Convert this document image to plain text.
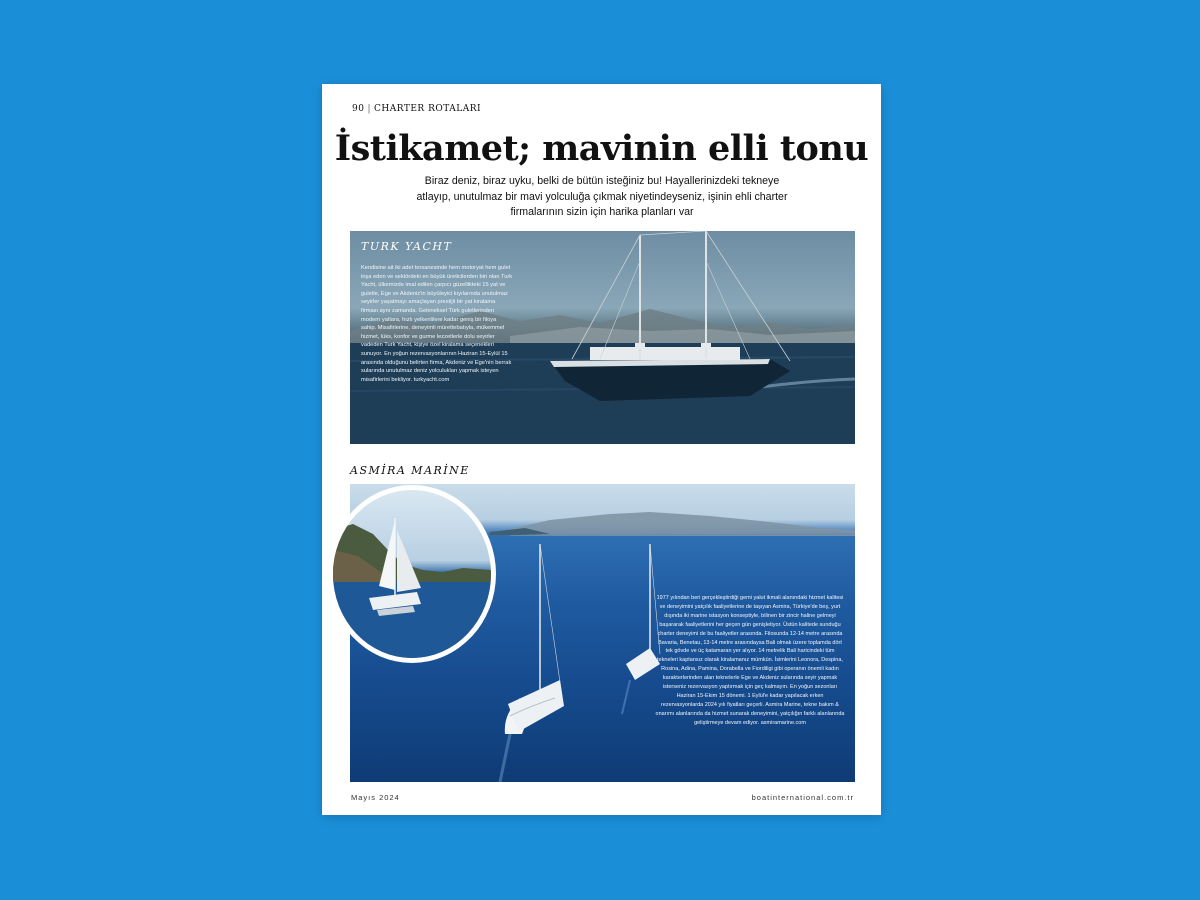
90 | CHARTER ROTALARI
İstikamet; mavinin elli tonu
Biraz deniz, biraz uyku, belki de bütün isteğiniz bu! Hayallerinizdeki tekneye atlayıp, unutulmaz bir mavi yolculuğa çıkmak niyetindeyseniz, işinin ehli charter firmalarının sizin için harika planları var
TURK YACHT
Kendisine ait iki adet tersanesinde hem motoryat hem gulet inşa eden ve sektördeki en büyük üreticilerden biri olan Turk Yacht, ülkemizde imal edilen çarpıcı güzellikteki 15 yat ve guletle, Ege ve Akdeniz'in büyüleyici kıyılarında unutulmaz seyirler yaşatmayı amaçlayan prestijli bir yat kiralama firması aynı zamanda. Geleneksel Türk guletlerinden modern yatlara, hızlı yelkenlilere kadar geniş bir filoya sahip. Misafirlerine, deneyimli mürettebatıyla, mükemmel hizmet, lüks, konfor ve gurme lezzetlerle dolu seyirler vadeden Turk Yacht, kişiye özel kiralama seçenekleri sunuyor. En yoğun rezervasyonlarının Haziran 15-Eylül 15 arasında olduğunu belirten firma, Akdeniz ve Ege'nin berrak sularında unutulmaz deniz yolculukları yapmak isteyen misafirlerini bekliyor. turkyacht.com
ASMİRA MARİNE
1977 yılından beri gerçekleştirdiği gemi yalut ikmali alanındaki hizmet kalitesi ve deneyimini yatçılık faaliyetlerine de taşıyan Asmira, Türkiye'de beş, yurt dışında iki marine istasyon konseptiyle, bilinen bir zincir haline gelmeyi başararak faaliyetlerini her geçen gün genişletiyor. Üstün kalitede sunduğu charter deneyimi de bu faaliyetler arasında. Filosunda 12-14 metre arasında Bavaria, Benetau, 13-14 metre arasındaysa Bali olmak üzere toplamda dört tek gövde ve üç katamaran yer alıyor. 14 metrelik Bali haricindeki tüm tekneleri kaptansız olarak kiralamanız mümkün. İsimlerini Leonora, Despina, Rosina, Adina, Pamina, Dorabella ve Fiordiligi gibi operanın önemli kadın karakterlerinden alan teknelerle Ege ve Akdeniz sularında seyir yapmak isterseniz rezervasyon yaptırmak için geç kalmayın. En yoğun sezonları Haziran 15-Ekim 15 dönemi. 1 Eylül'e kadar yapılacak erken rezervasyonlarda 2024 yılı fiyatları geçerli. Asmira Marine, tekne bakım & onarımı alanlarında da hizmet sunarak deneyimini, yatçılığın farklı alanlarında geliştirmeye devam ediyor. asmiramarine.com
Mayıs 2024	boatinternational.com.tr
